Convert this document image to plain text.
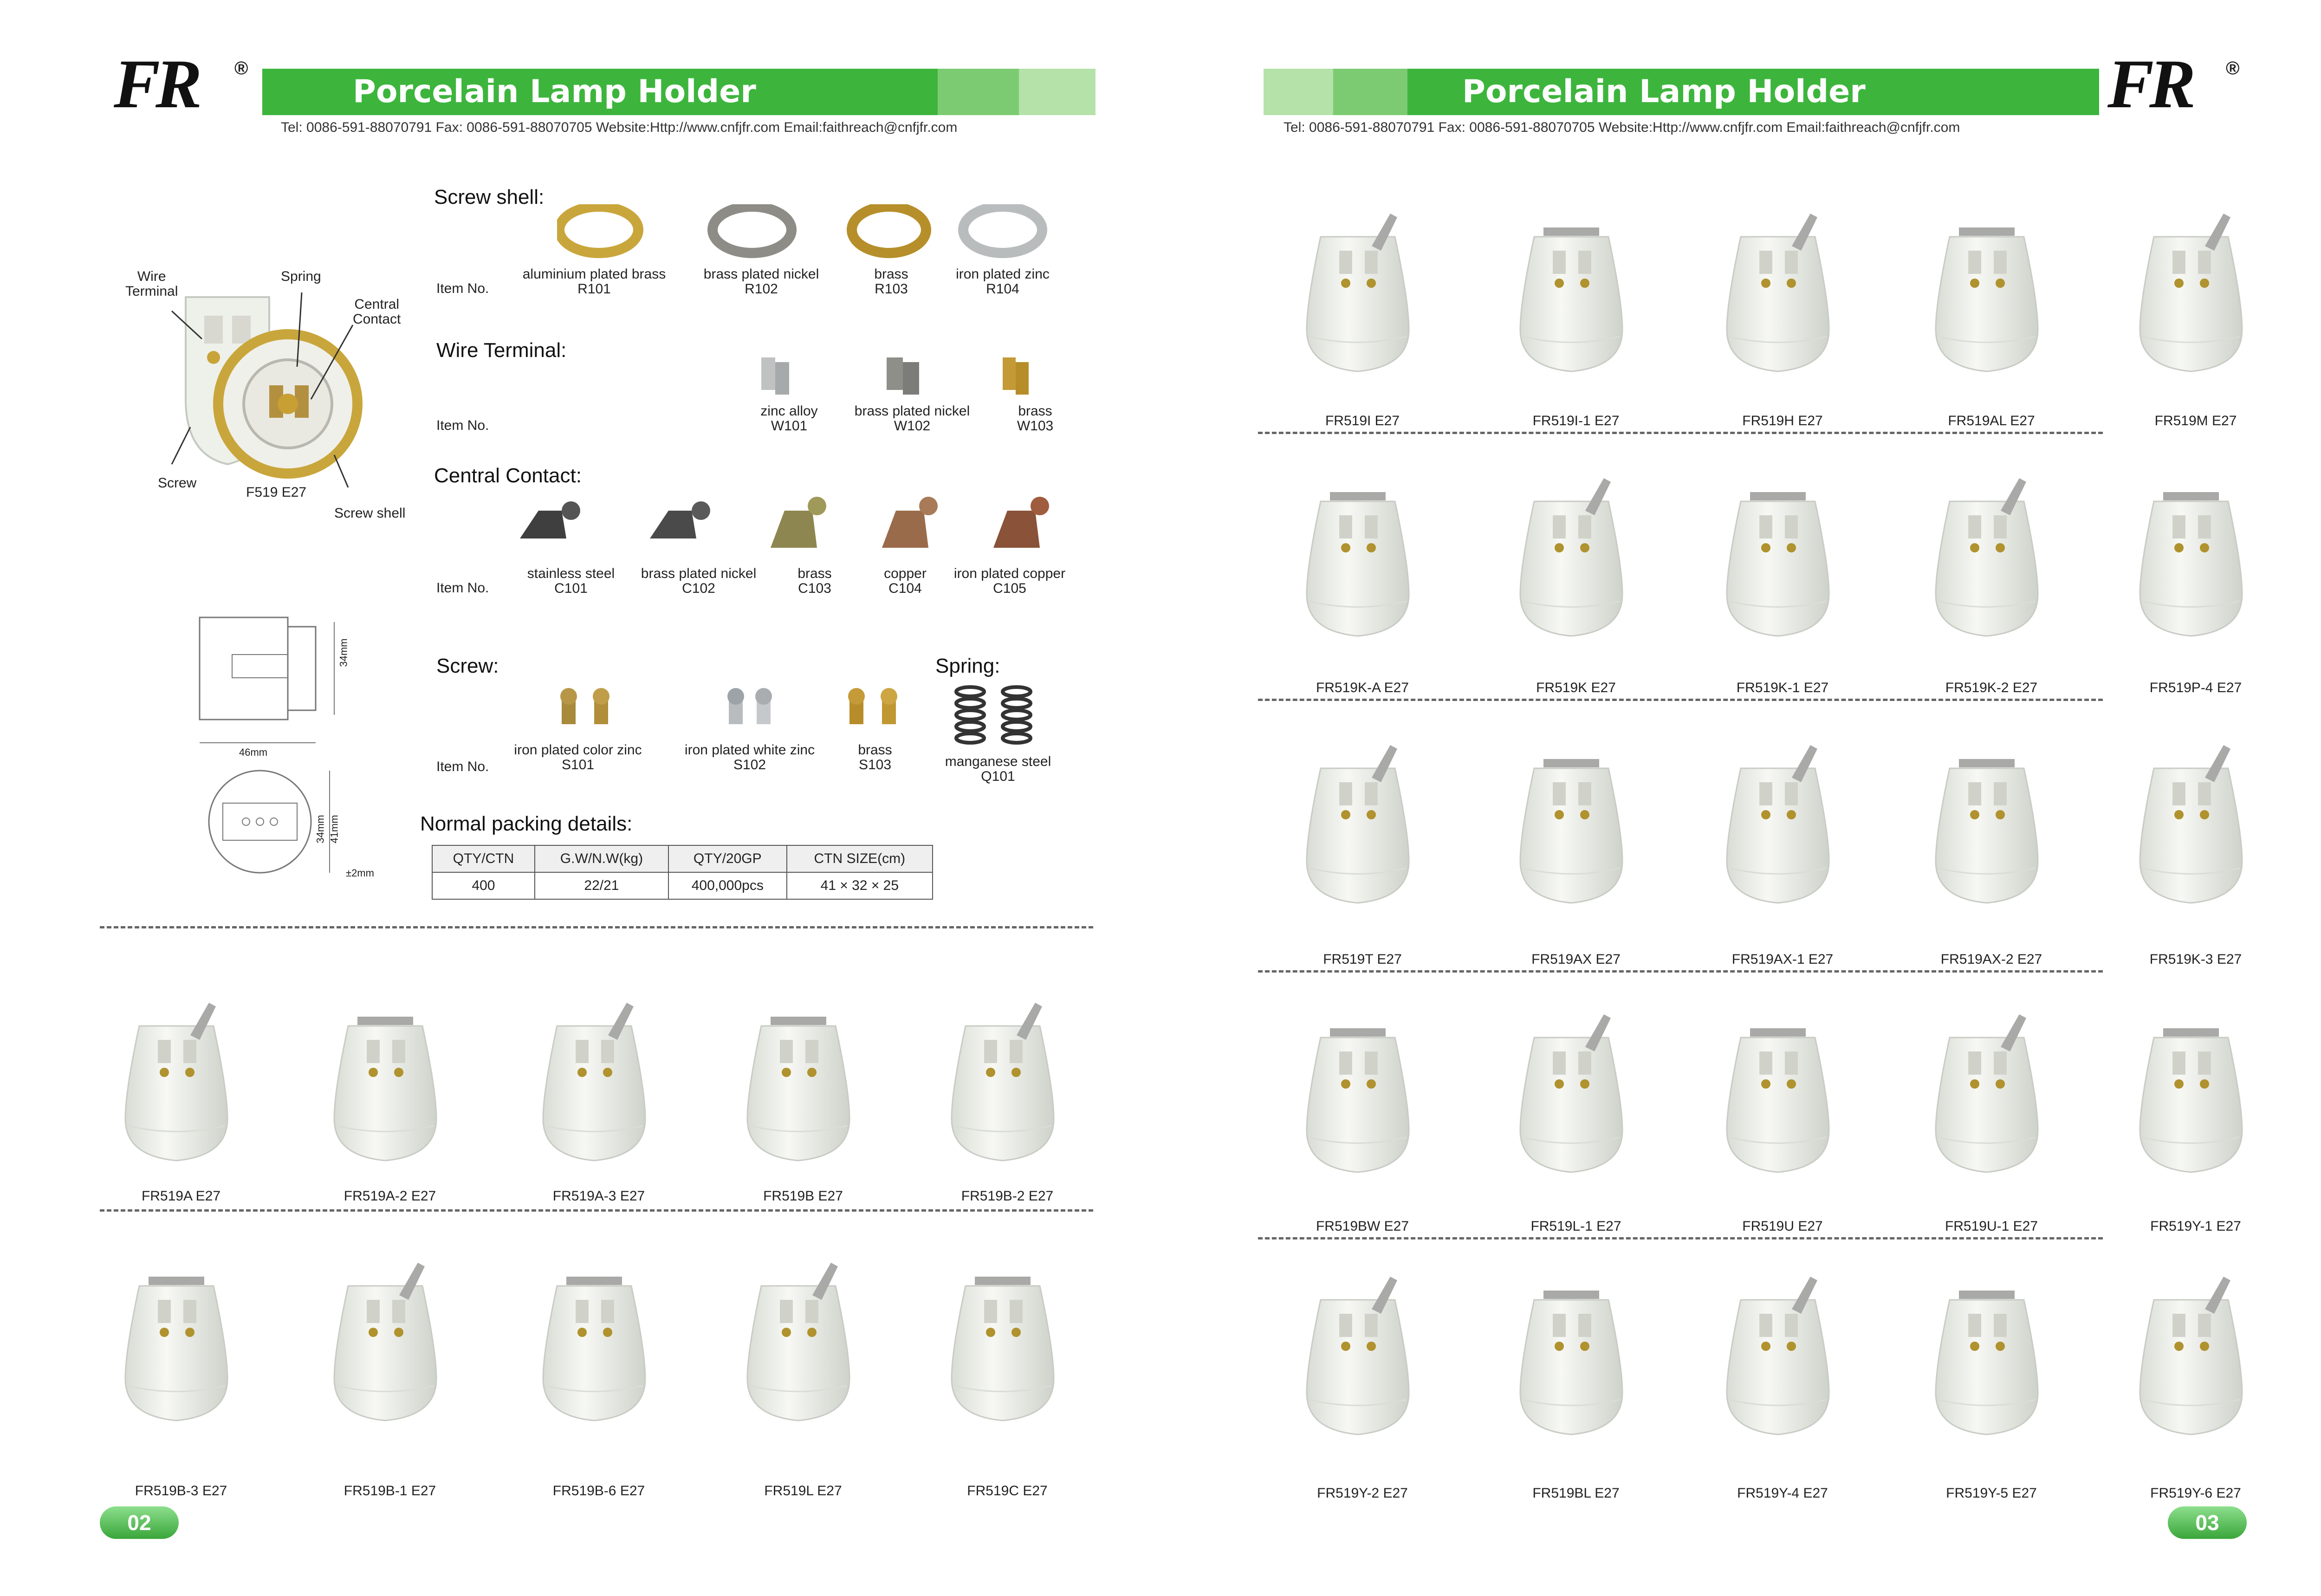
FR ®
Porcelain Lamp Holder
Tel: 0086-591-88070791 Fax: 0086-591-88070705 Website:Http://www.cnfjfr.com Email:faithreach@cnfjfr.com
Porcelain Lamp Holder	FR ®
Tel: 0086-591-88070791 Fax: 0086-591-88070705 Website:Http://www.cnfjfr.com Email:faithreach@cnfjfr.com
Wire
Terminal
Spring
Central
Contact
Screw
F519 E27
Screw shell
34mm
46mm
34mm 41mm
±2mm
Screw shell:
Item No.
aluminium plated brass
R101
brass plated nickel
R102
brass
R103
iron plated zinc
R104
Wire Terminal:
Item No.
zinc alloy
W101
brass plated nickel
W102
brass
W103
Central Contact:
Item No.
stainless steel
C101
brass plated nickel
C102
brass
C103
copper
C104
iron plated copper
C105
Screw:
Item No.
iron plated color zinc
S101
iron plated white zinc
S102
brass
S103
Spring:
manganese steel
Q101
Normal packing details:
QTY/CTN	G.W/N.W(kg)	QTY/20GP	CTN SIZE(cm)
400	22/21	400,000pcs	41 × 32 × 25
FR519A E27	FR519A-2 E27	FR519A-3 E27	FR519B E27	FR519B-2 E27
FR519B-3 E27	FR519B-1 E27	FR519B-6 E27	FR519L E27	FR519C E27
FR519I E27	FR519I-1 E27	FR519H E27	FR519AL E27	FR519M E27
FR519K-A E27	FR519K E27	FR519K-1 E27	FR519K-2 E27	FR519P-4 E27
FR519T E27	FR519AX E27	FR519AX-1 E27	FR519AX-2 E27	FR519K-3 E27
FR519BW E27	FR519L-1 E27	FR519U E27	FR519U-1 E27	FR519Y-1 E27
FR519Y-2 E27	FR519BL E27	FR519Y-4 E27	FR519Y-5 E27	FR519Y-6 E27
02	03
